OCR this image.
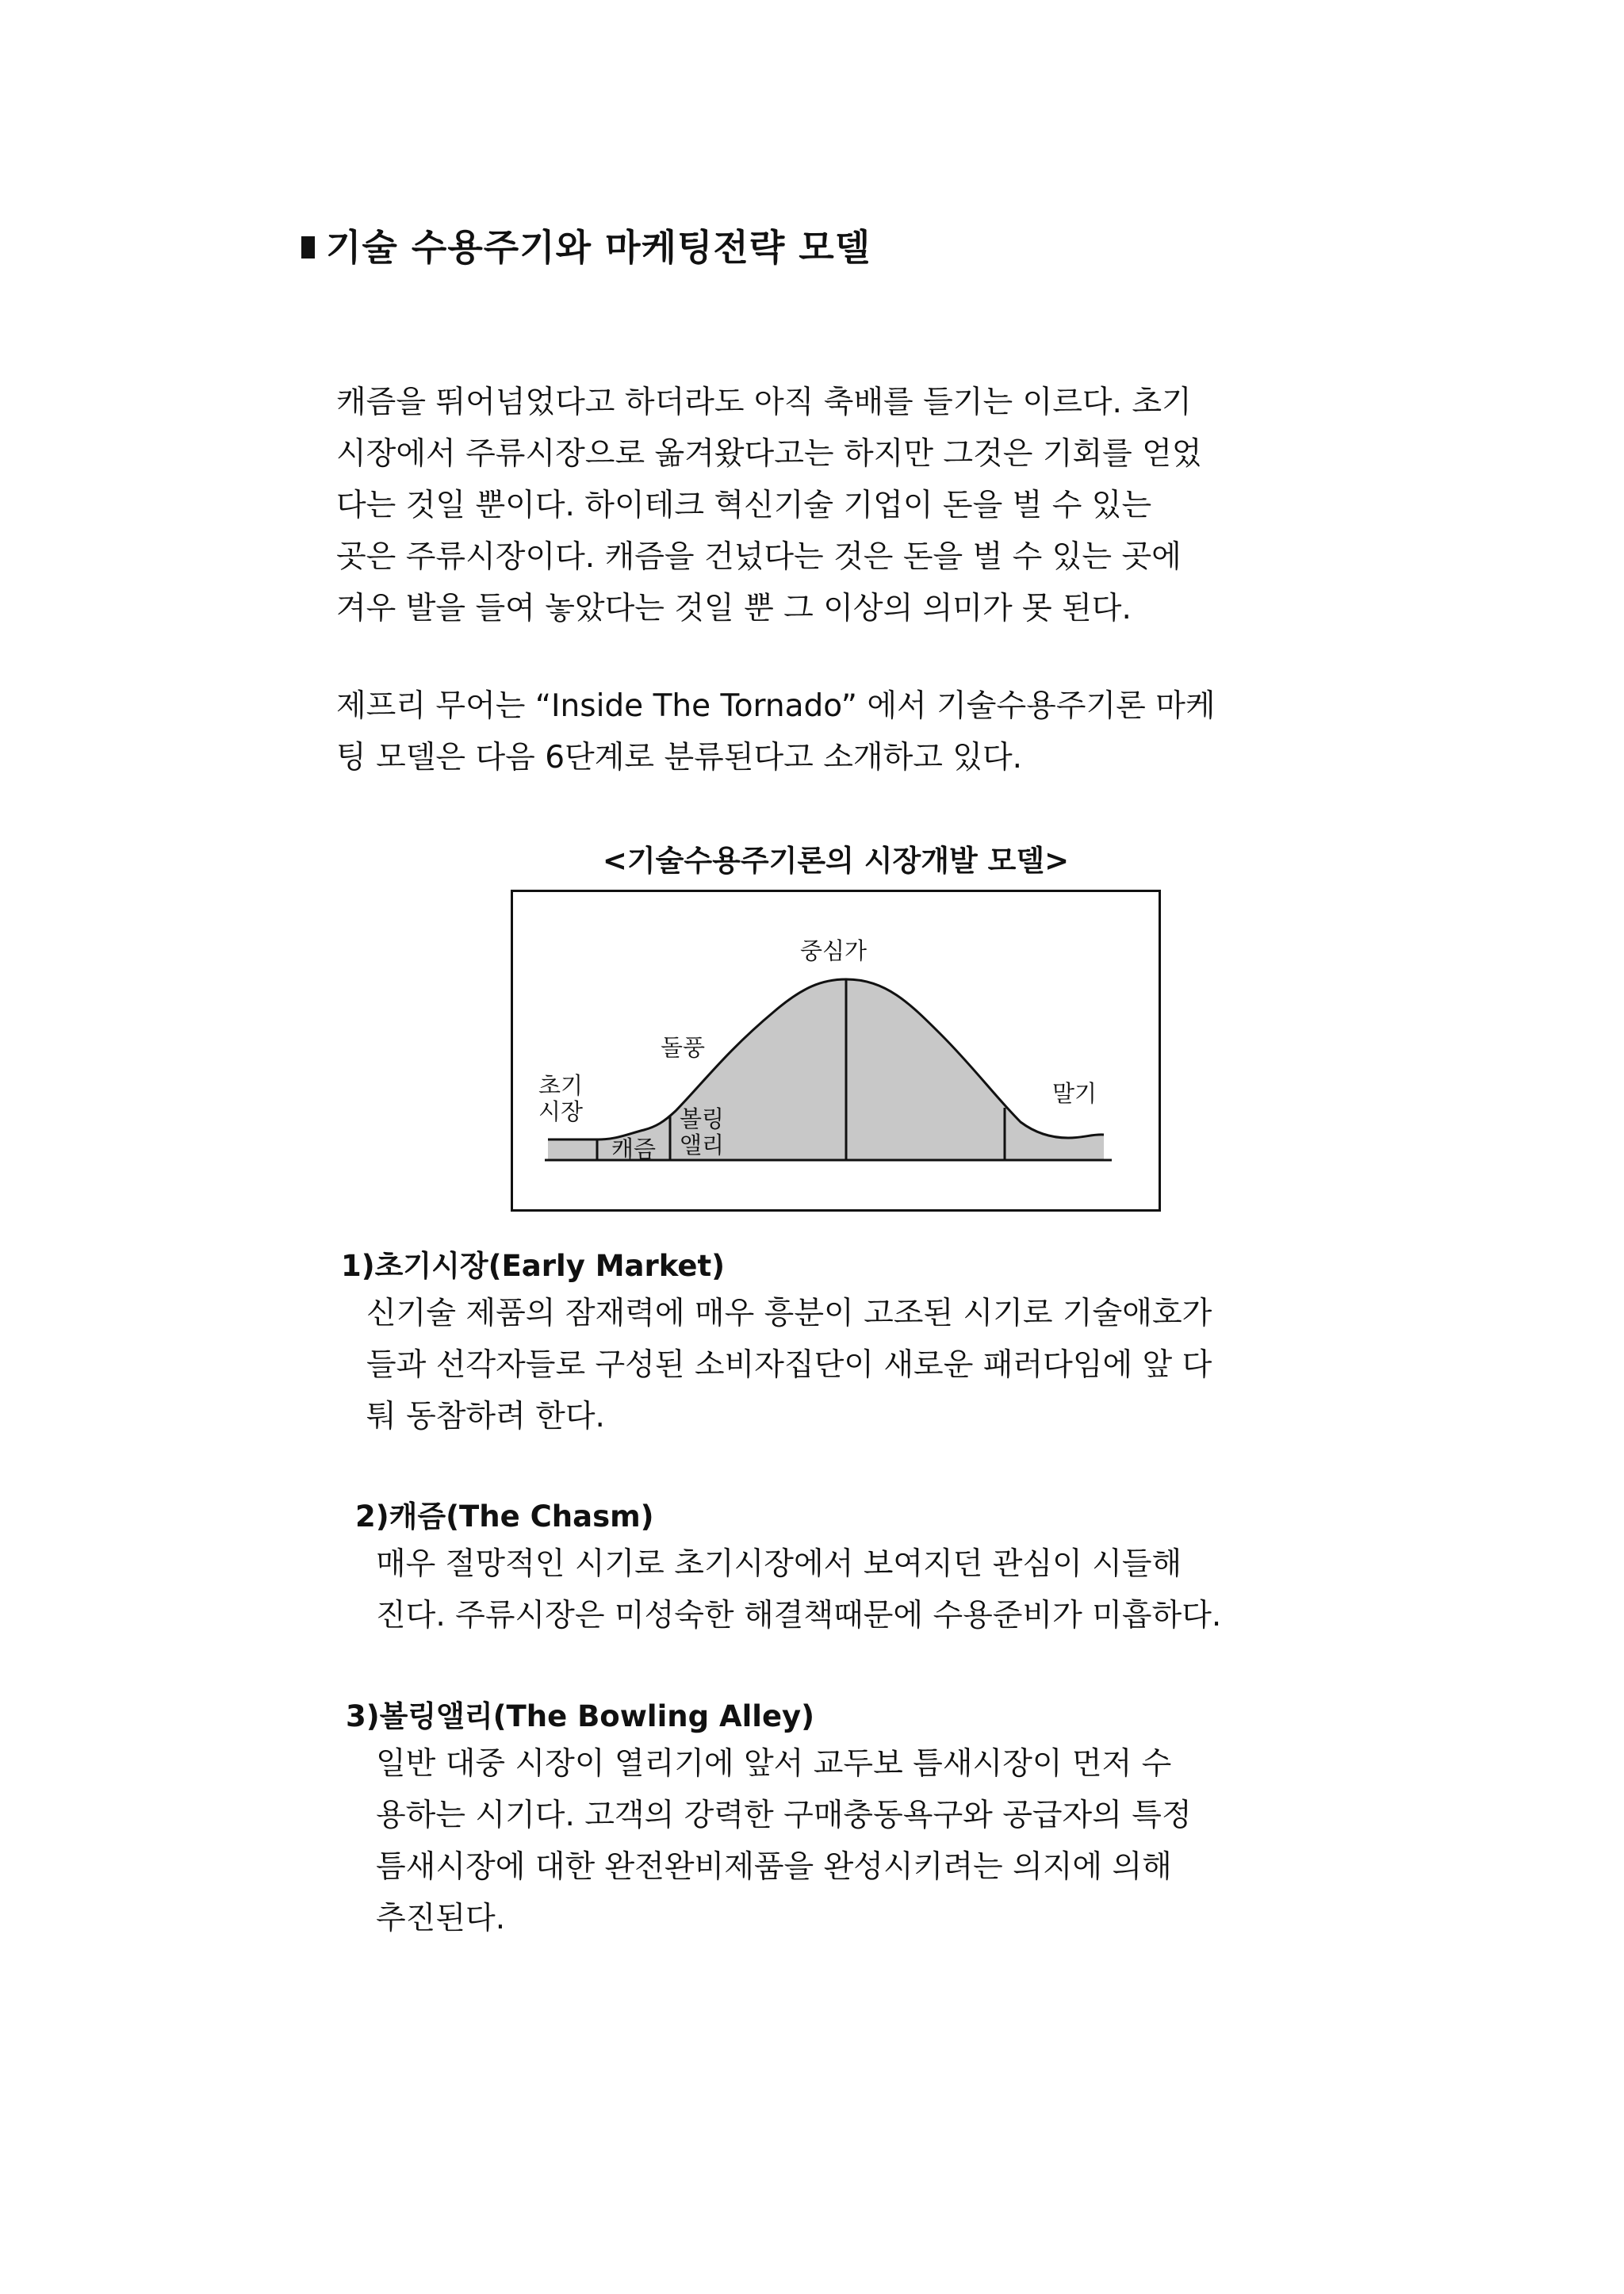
기술 수용주기와 마케팅전략 모델
캐즘을 뛰어넘었다고 하더라도 아직 축배를 들기는 이르다. 초기
시장에서 주류시장으로 옮겨왔다고는 하지만 그것은 기회를 얻었
다는 것일 뿐이다. 하이테크 혁신기술 기업이 돈을 벌 수 있는
곳은 주류시장이다. 캐즘을 건넜다는 것은 돈을 벌 수 있는 곳에
겨우 발을 들여 놓았다는 것일 뿐 그 이상의 의미가 못 된다.
제프리 무어는 “Inside The Tornado” 에서 기술수용주기론 마케
팅 모델은 다음 6단계로 분류된다고 소개하고 있다.
<기술수용주기론의 시장개발 모델>
초기
시장
캐즘
볼링
앨리
돌풍
중심가
말기
1)초기시장(Early Market)
신기술 제품의 잠재력에 매우 흥분이 고조된 시기로 기술애호가
들과 선각자들로 구성된 소비자집단이 새로운 패러다임에 앞 다
퉈 동참하려 한다.
2)캐즘(The Chasm)
매우 절망적인 시기로 초기시장에서 보여지던 관심이 시들해
진다. 주류시장은 미성숙한 해결책때문에 수용준비가 미흡하다.
3)볼링앨리(The Bowling Alley)
일반 대중 시장이 열리기에 앞서 교두보 틈새시장이 먼저 수
용하는 시기다. 고객의 강력한 구매충동욕구와 공급자의 특정
틈새시장에 대한 완전완비제품을 완성시키려는 의지에 의해
추진된다.
